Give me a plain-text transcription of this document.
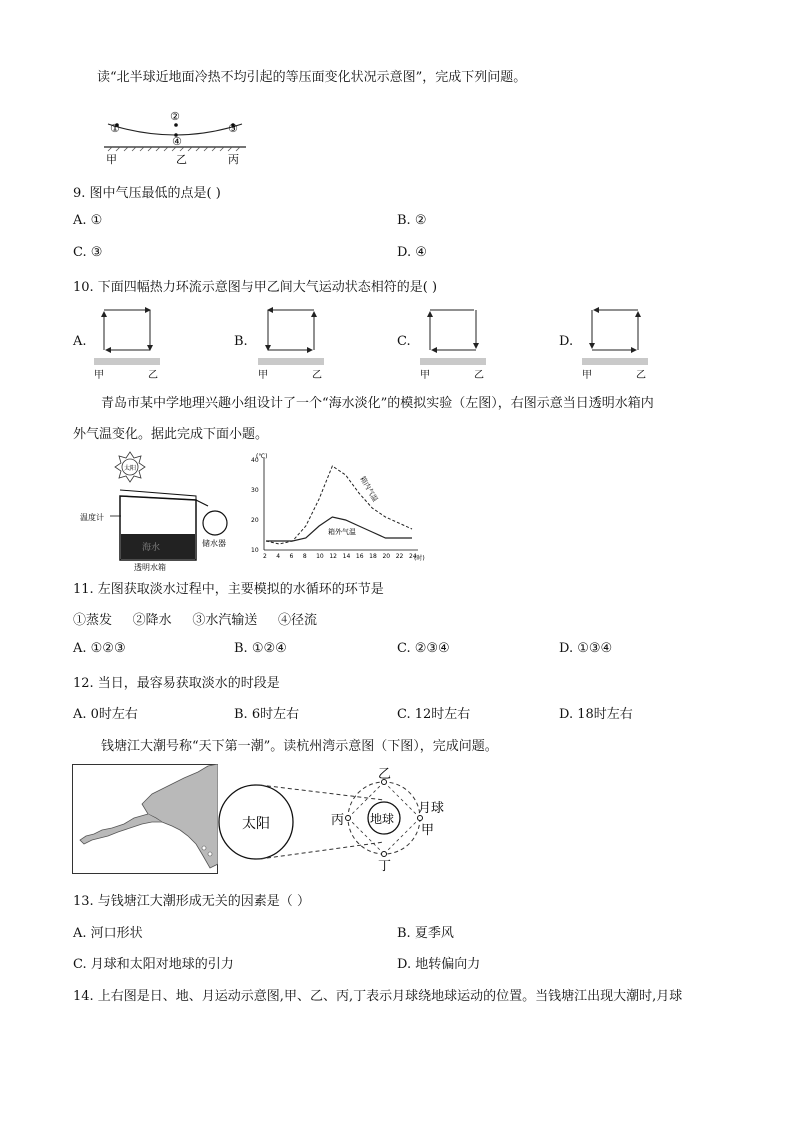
读“北半球近地面冷热不均引起的等压面变化状况示意图”，完成下列问题。
①
②
③
④
甲	乙	丙
9. 图中气压最低的点是( )
A. ①	B. ②
C. ③	D. ④
10. 下面四幅热力环流示意图与甲乙间大气运动状态相符的是( )
A.
甲	乙
B.
甲	乙
C.
甲	乙
D.
甲	乙
青岛市某中学地理兴趣小组设计了一个“海水淡化”的模拟实验（左图），右图示意当日透明水箱内
外气温变化。据此完成下面小题。
太阳
海水	储水器
温度计
透明水箱
(℃)
(时)
10
20
30
40
2 4 6 8 10 12 14 16 18 20 22 24
箱内气温
箱外气温
11. 左图获取淡水过程中，主要模拟的水循环的环节是
①蒸发     ②降水     ③水汽输送     ④径流
A. ①②③	B. ①②④	C. ②③④	D. ①③④
12. 当日，最容易获取淡水的时段是
A. 0时左右	B. 6时左右	C. 12时左右	D. 18时左右
钱塘江大潮号称“天下第一潮”。读杭州湾示意图（下图），完成问题。
太阳	地球
乙
甲
丙
丁
月球
13. 与钱塘江大潮形成无关的因素是（ ）
A. 河口形状	B. 夏季风
C. 月球和太阳对地球的引力	D. 地转偏向力
14. 上右图是日、地、月运动示意图,甲、乙、丙,丁表示月球绕地球运动的位置。当钱塘江出现大潮时,月球
